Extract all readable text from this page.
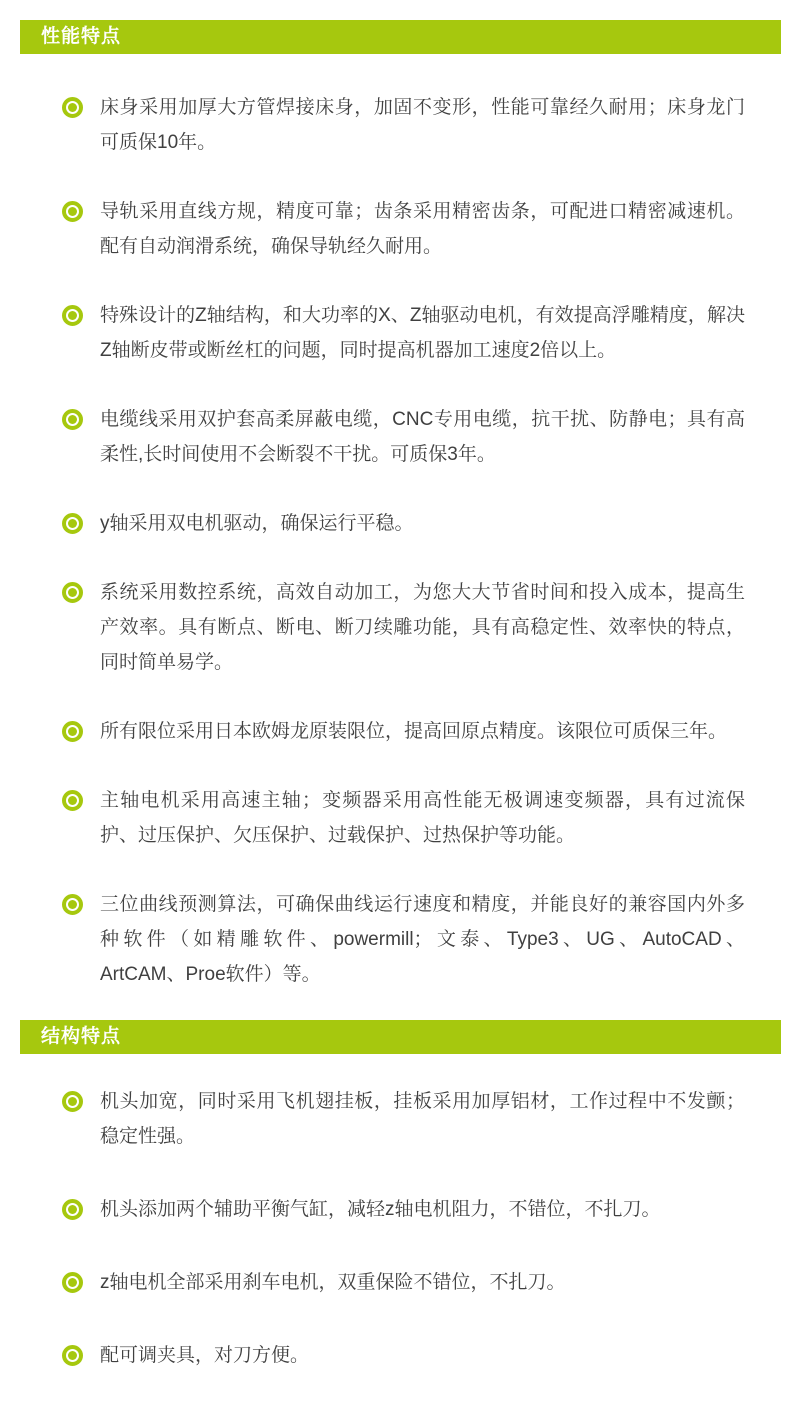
性能特点

床身采用加厚大方管焊接床身，加固不变形，性能可靠经久耐用；床身龙门可质保10年。

导轨采用直线方规，精度可靠；齿条采用精密齿条，可配进口精密减速机。配有自动润滑系统，确保导轨经久耐用。

特殊设计的Z轴结构，和大功率的X、Z轴驱动电机，有效提高浮雕精度，解决Z轴断皮带或断丝杠的问题，同时提高机器加工速度2倍以上。

电缆线采用双护套高柔屏蔽电缆，CNC专用电缆，抗干扰、防静电；具有高柔性,长时间使用不会断裂不干扰。可质保3年。

y轴采用双电机驱动，确保运行平稳。

系统采用数控系统，高效自动加工，为您大大节省时间和投入成本，提高生产效率。具有断点、断电、断刀续雕功能，具有高稳定性、效率快的特点，同时简单易学。

所有限位采用日本欧姆龙原装限位，提高回原点精度。该限位可质保三年。

主轴电机采用高速主轴；变频器采用高性能无极调速变频器，具有过流保护、过压保护、欠压保护、过载保护、过热保护等功能。

三位曲线预测算法，可确保曲线运行速度和精度，并能良好的兼容国内外多种软件（如精雕软件、powermill；文泰、Type3、UG、AutoCAD、ArtCAM、Proe软件）等。

结构特点

机头加宽，同时采用飞机翅挂板，挂板采用加厚铝材，工作过程中不发颤；稳定性强。

机头添加两个辅助平衡气缸，减轻z轴电机阻力，不错位，不扎刀。

z轴电机全部采用刹车电机，双重保险不错位，不扎刀。

配可调夹具，对刀方便。
